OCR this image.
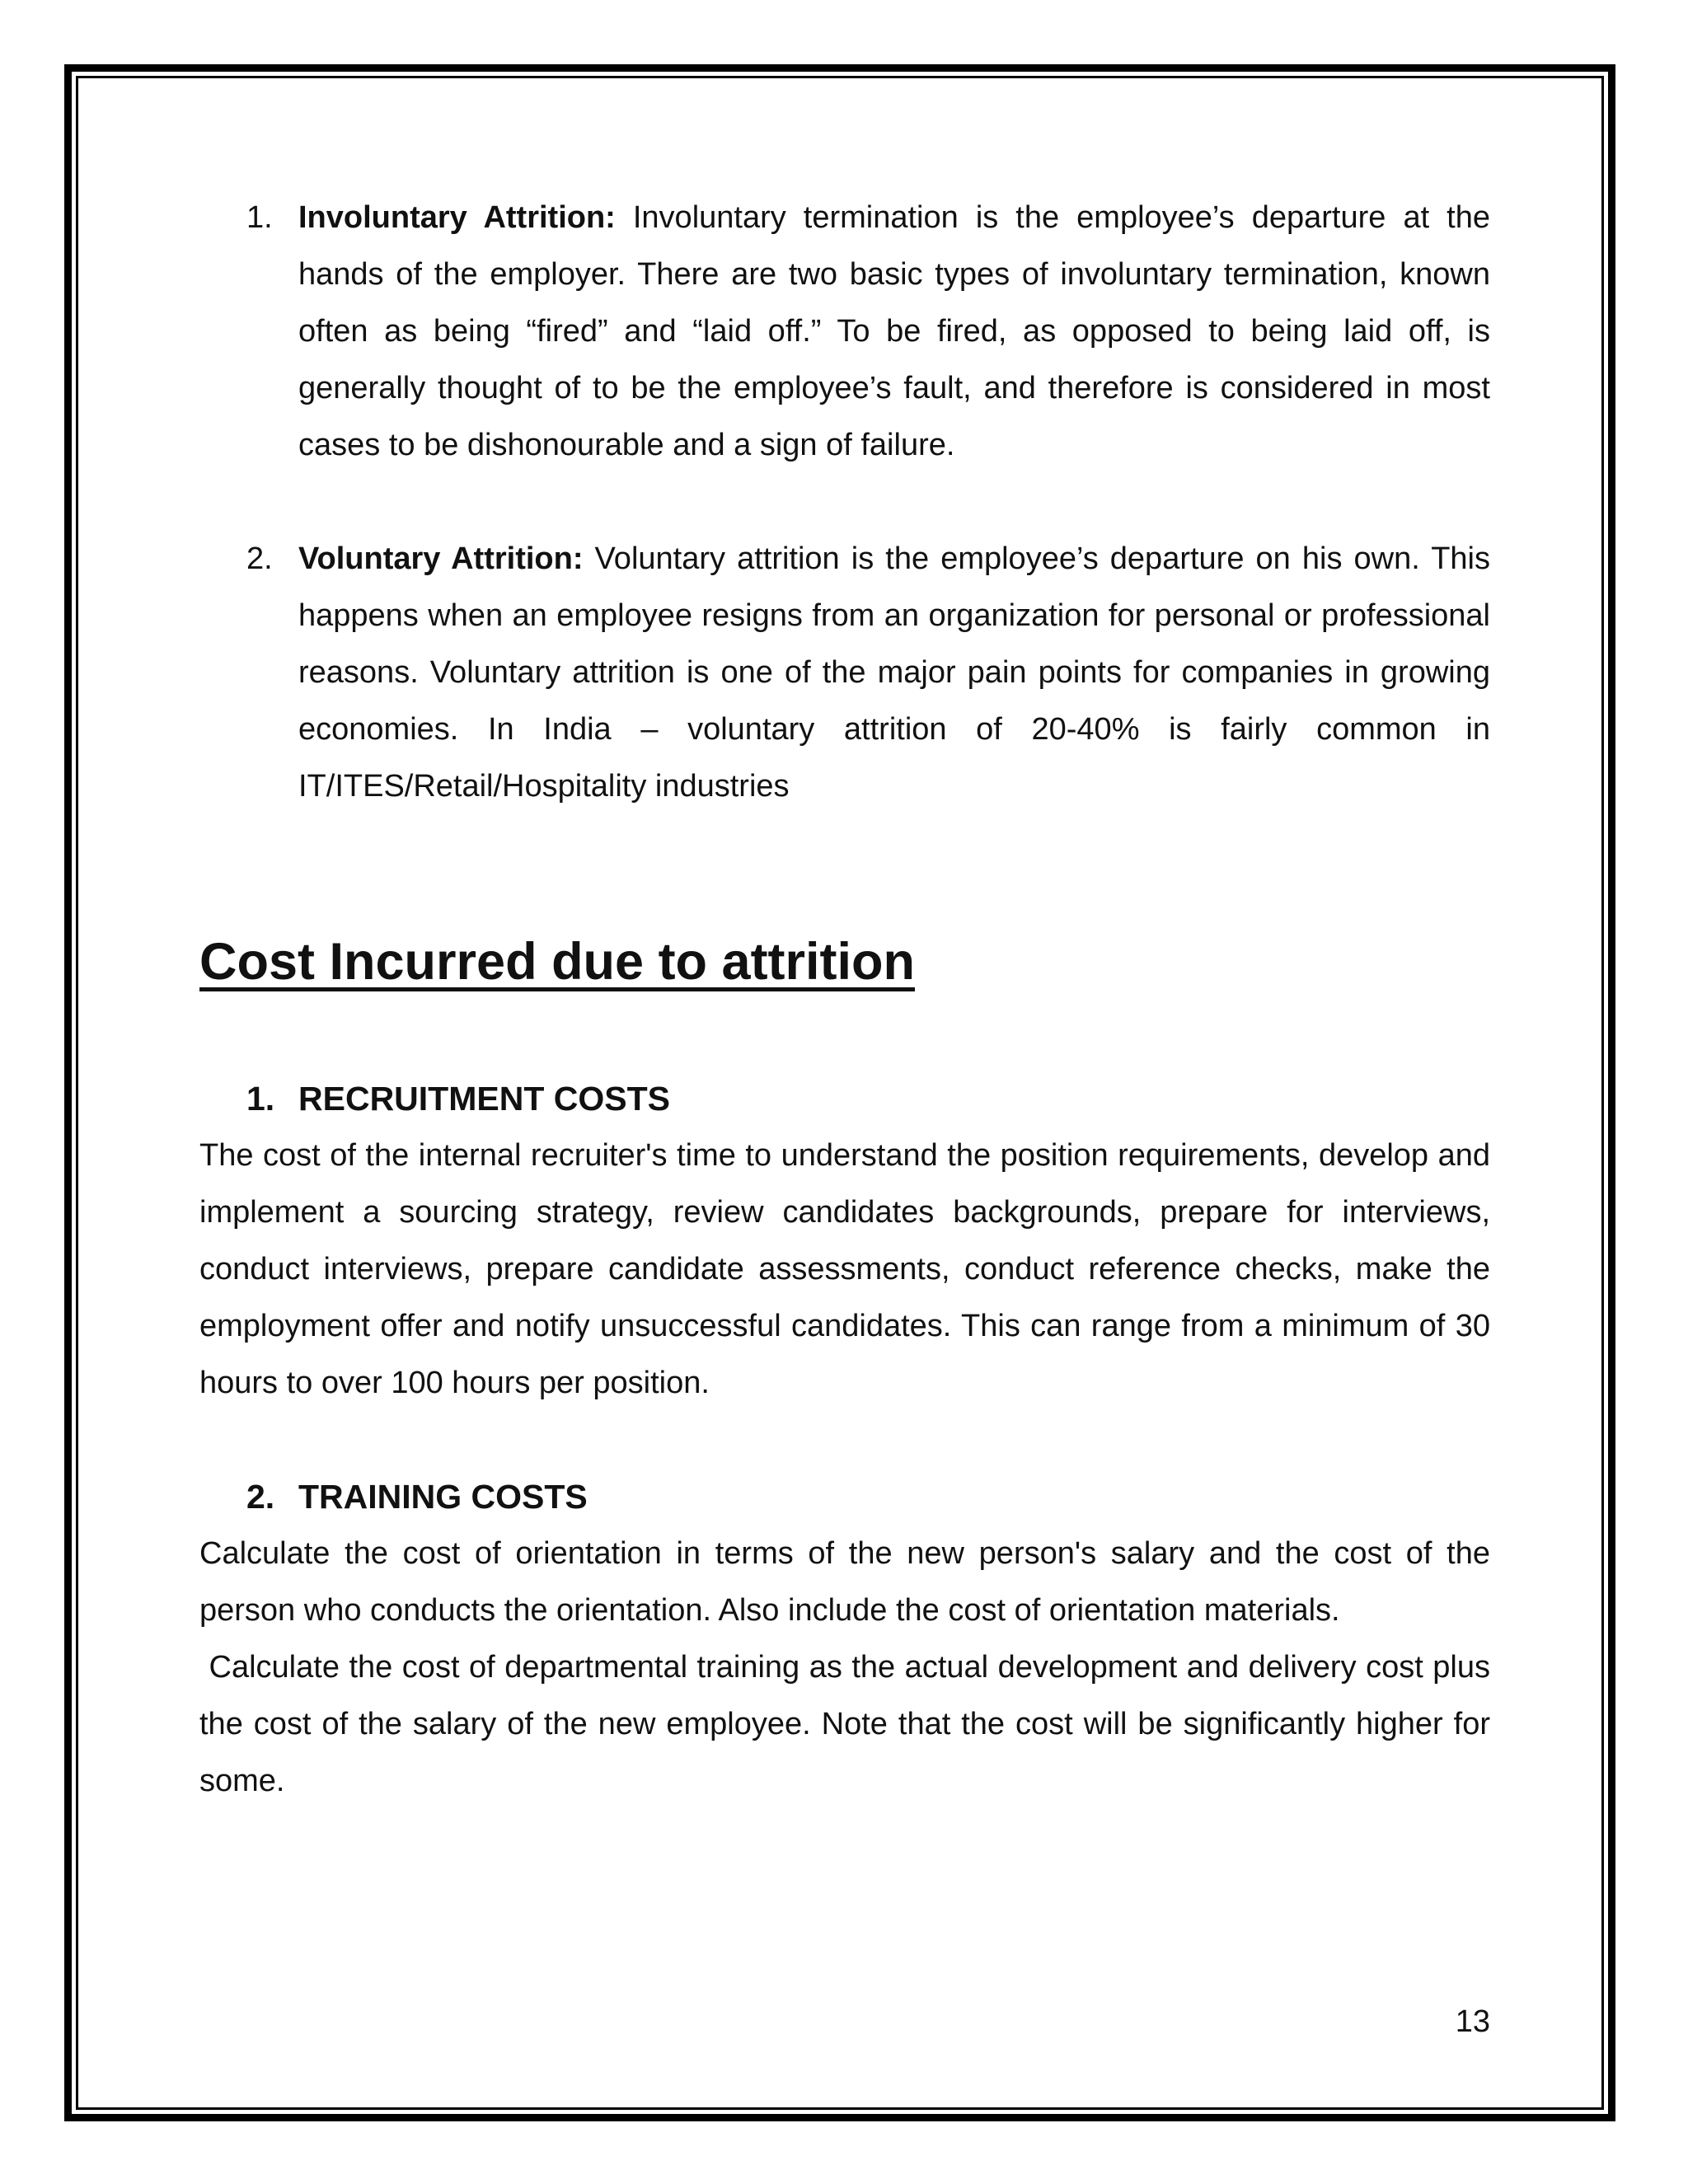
1. Involuntary Attrition: Involuntary termination is the employee’s departure at the hands of the employer. There are two basic types of involuntary termination, known often as being “fired” and “laid off.” To be fired, as opposed to being laid off, is generally thought of to be the employee’s fault, and therefore is considered in most cases to be dishonourable and a sign of failure.
2. Voluntary Attrition: Voluntary attrition is the employee’s departure on his own. This happens when an employee resigns from an organization for personal or professional reasons. Voluntary attrition is one of the major pain points for companies in growing economies. In India – voluntary attrition of 20-40% is fairly common in IT/ITES/Retail/Hospitality industries
Cost Incurred due to attrition
1. RECRUITMENT COSTS

The cost of the internal recruiter's time to understand the position requirements, develop and implement a sourcing strategy, review candidates backgrounds, prepare for interviews, conduct interviews, prepare candidate assessments, conduct reference checks, make the employment offer and notify unsuccessful candidates. This can range from a minimum of 30 hours to over 100 hours per position.

2. TRAINING COSTS

Calculate the cost of orientation in terms of the new person's salary and the cost of the person who conducts the orientation. Also include the cost of orientation materials.

Calculate the cost of departmental training as the actual development and delivery cost plus the cost of the salary of the new employee. Note that the cost will be significantly higher for some.

13
